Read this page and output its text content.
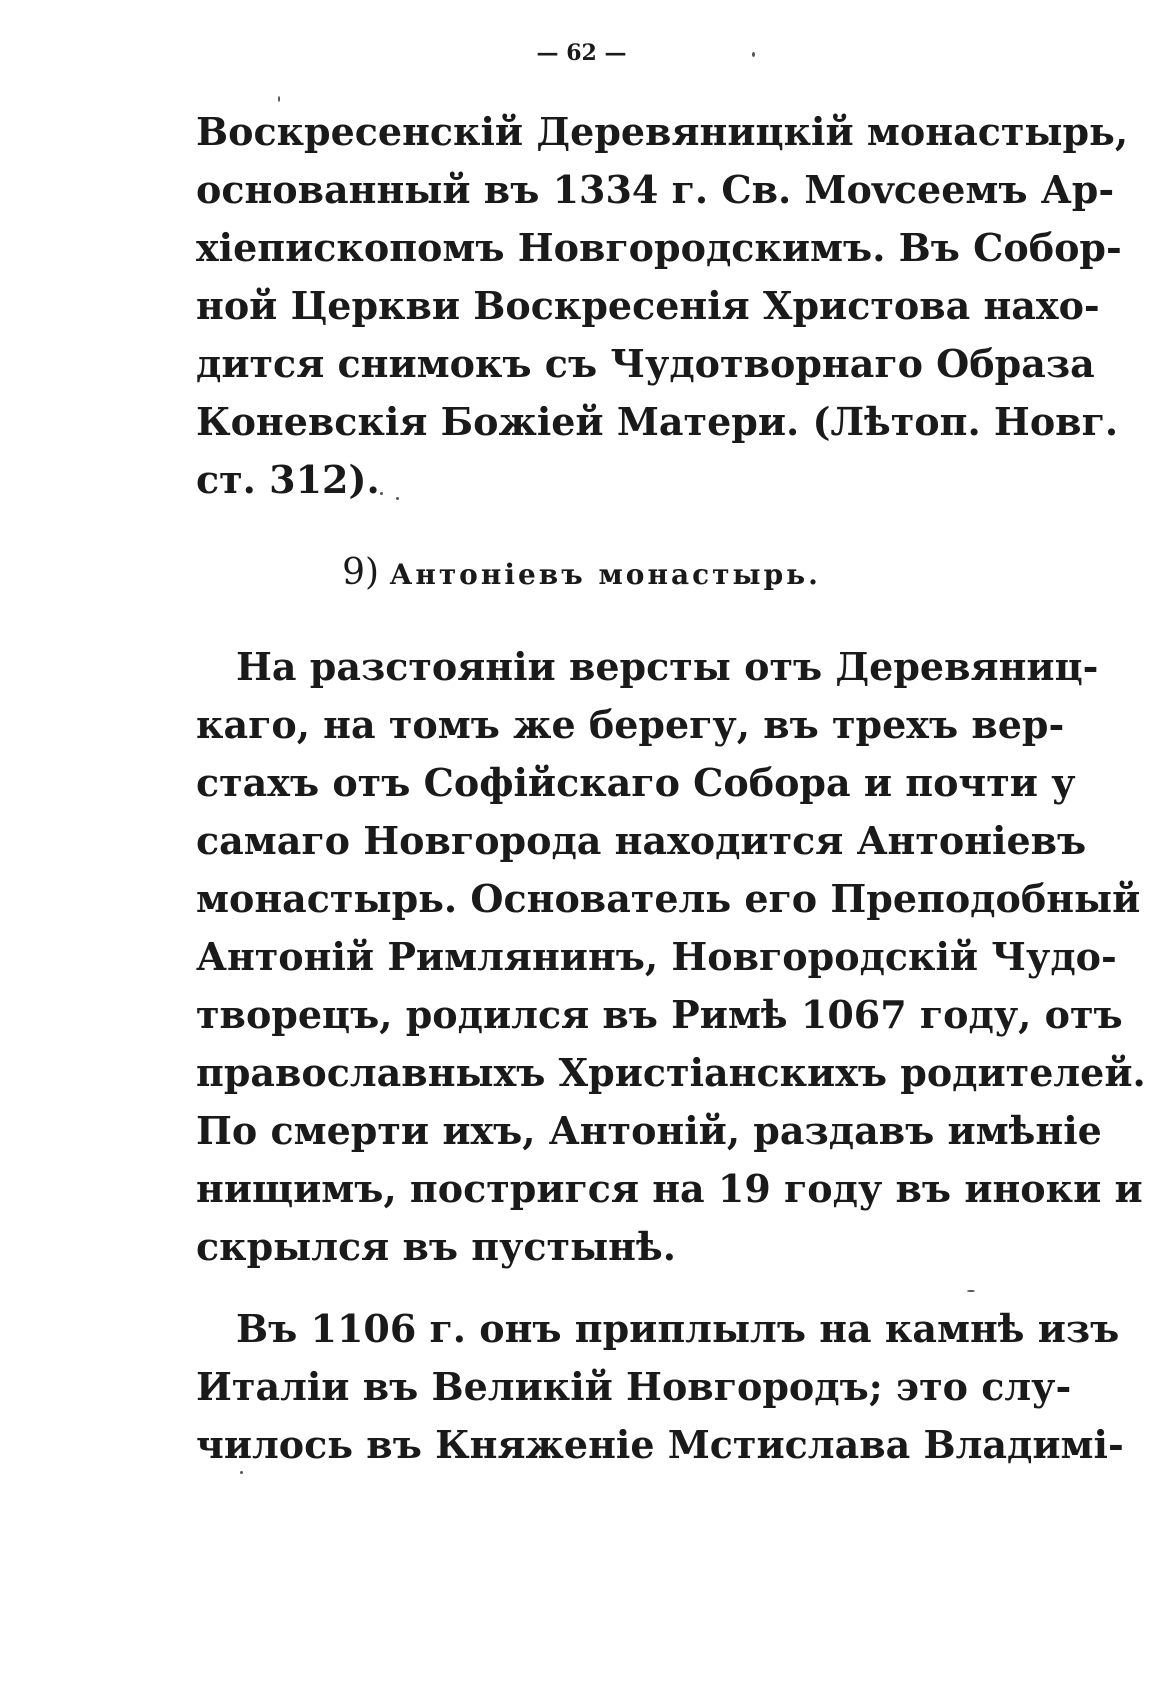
— 62 —
Воскресенскій Деревяницкій монастырь,
основанный въ 1334 г. Св. Моvсеемъ Ар-
хіепископомъ Новгородскимъ. Въ Собор-
ной Церкви Воскресенія Христова нахо-
дится снимокъ съ Чудотворнаго Образа
Коневскія Божіей Матери. (Лѣтоп. Новг.
ст. 312).
9) Антоніевъ монастырь.
На разстояніи версты отъ Деревяниц-
каго, на томъ же берегу, въ трехъ вер-
стахъ отъ Софійскаго Собора и почти у
самаго Новгорода находится Антоніевъ
монастырь. Основатель его Преподобный
Антоній Римлянинъ, Новгородскій Чудо-
творецъ, родился въ Римѣ 1067 году, отъ
православныхъ Христіанскихъ родителей.
По смерти ихъ, Антоній, раздавъ имѣніе
нищимъ, постригся на 19 году въ иноки и
скрылся въ пустынѣ.
Въ 1106 г. онъ приплылъ на камнѣ изъ
Италіи въ Великій Новгородъ; это слу-
чилось въ Княженіе Мстислава Владимі-
